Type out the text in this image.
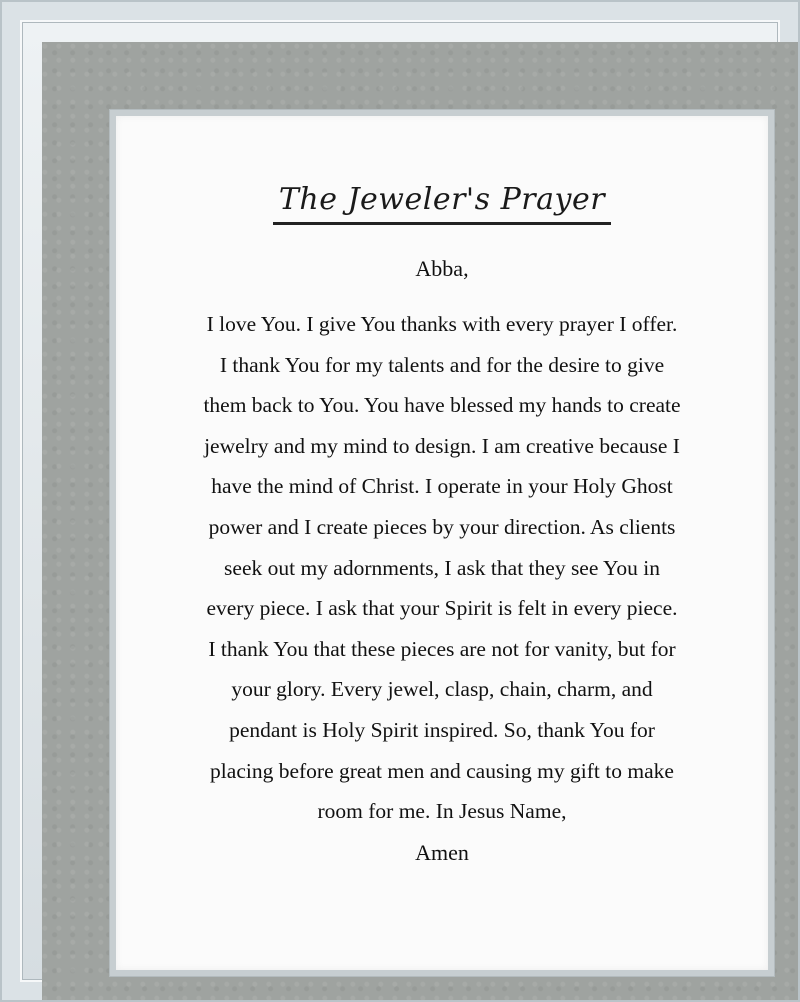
The Jeweler's Prayer
Abba,
I love You. I give You thanks with every prayer I offer.
I thank You for my talents and for the desire to give
them back to You. You have blessed my hands to create
jewelry and my mind to design. I am creative because I
have the mind of Christ. I operate in your Holy Ghost
power and I create pieces by your direction. As clients
seek out my adornments, I ask that they see You in
every piece. I ask that your Spirit is felt in every piece.
I thank You that these pieces are not for vanity, but for
your glory. Every jewel, clasp, chain, charm, and
pendant is Holy Spirit inspired. So, thank You for
placing before great men and causing my gift to make
room for me. In Jesus Name,
Amen
